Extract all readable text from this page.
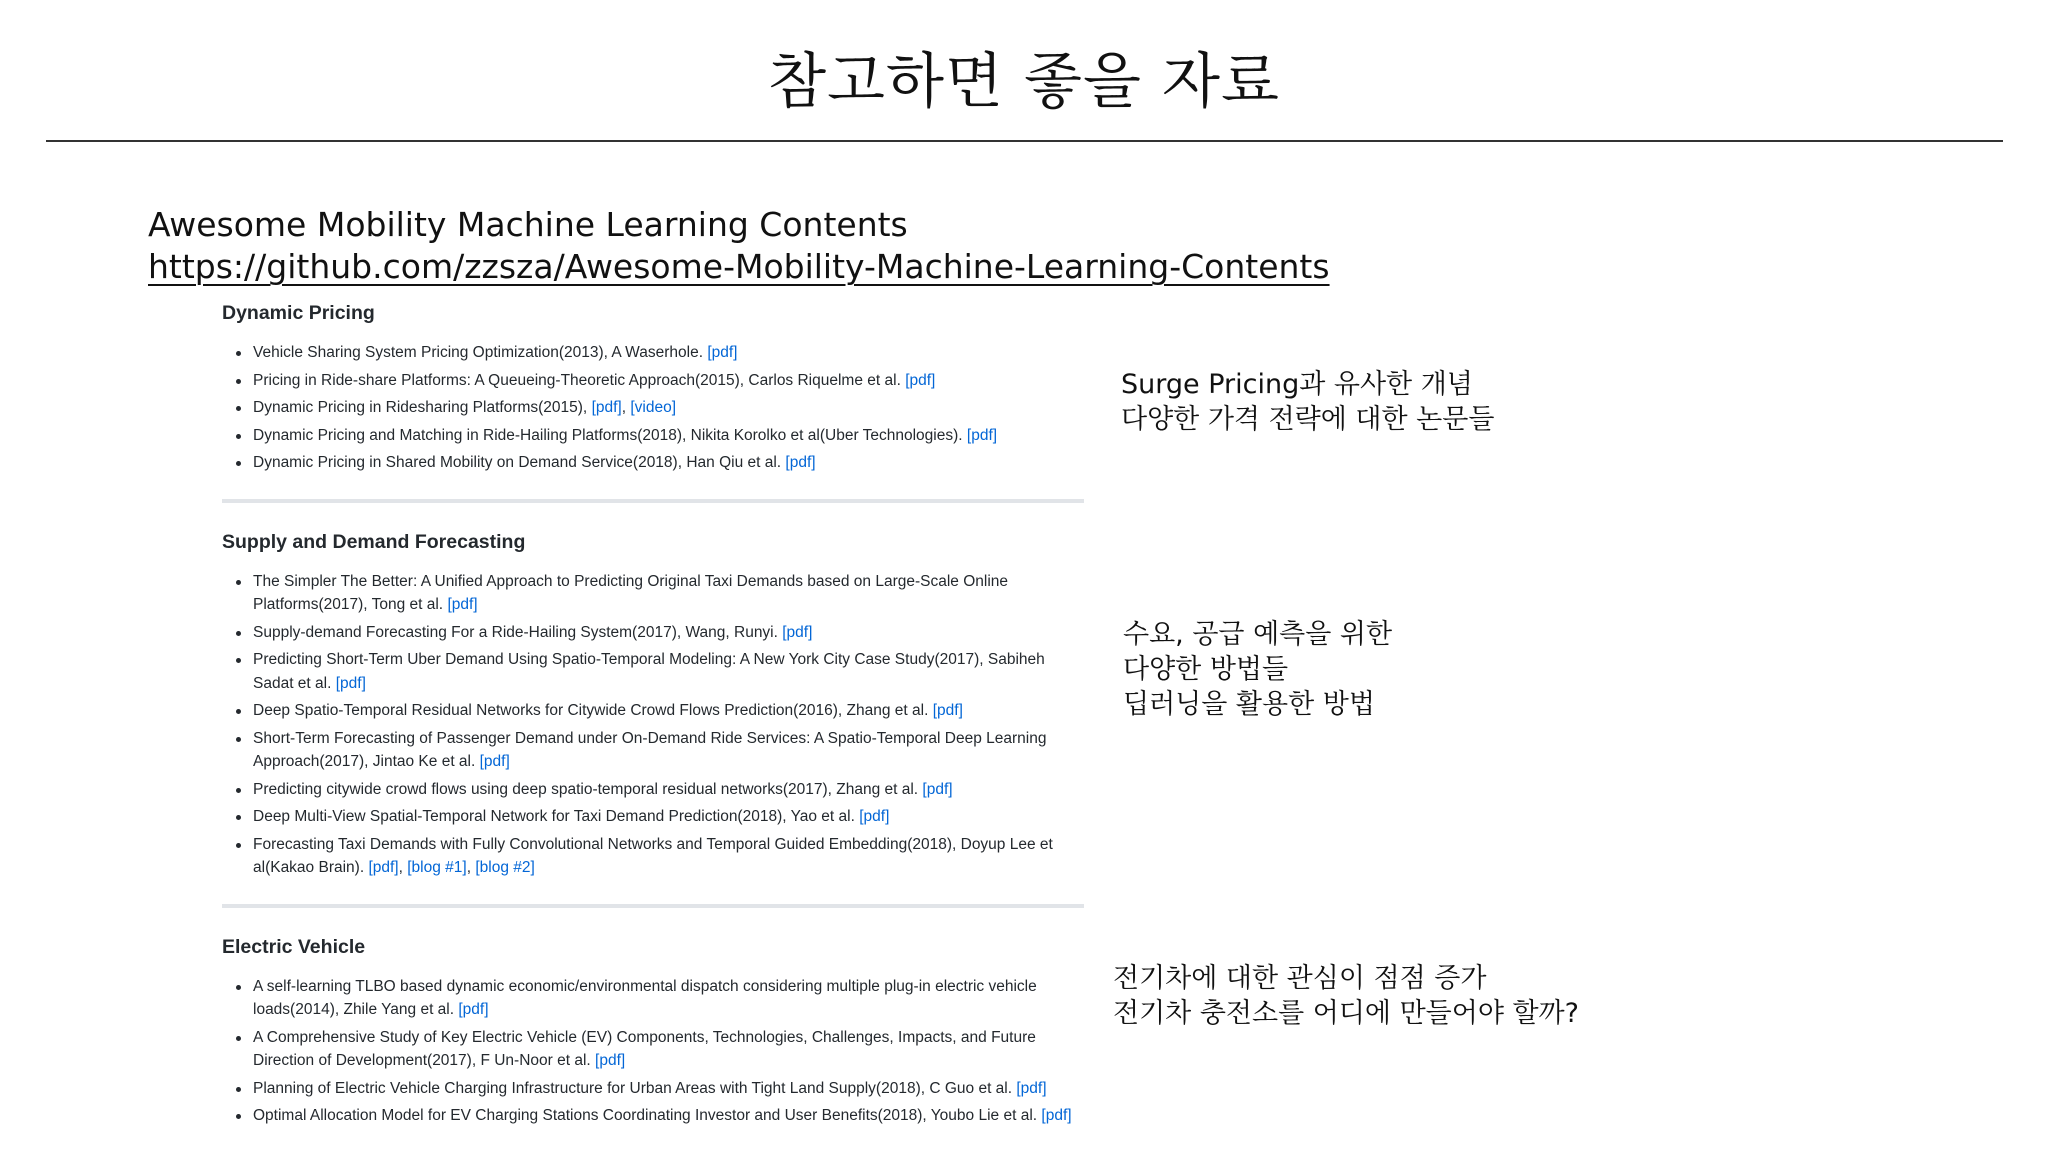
참고하면 좋을 자료
Awesome Mobility Machine Learning Contents
https://github.com/zzsza/Awesome-Mobility-Machine-Learning-Contents
Dynamic Pricing
Vehicle Sharing System Pricing Optimization(2013), A Waserhole. [pdf]
Pricing in Ride-share Platforms: A Queueing-Theoretic Approach(2015), Carlos Riquelme et al. [pdf]
Dynamic Pricing in Ridesharing Platforms(2015), [pdf], [video]
Dynamic Pricing and Matching in Ride-Hailing Platforms(2018), Nikita Korolko et al(Uber Technologies). [pdf]
Dynamic Pricing in Shared Mobility on Demand Service(2018), Han Qiu et al. [pdf]
Supply and Demand Forecasting
The Simpler The Better: A Unified Approach to Predicting Original Taxi Demands based on Large-Scale Online Platforms(2017), Tong et al. [pdf]
Supply-demand Forecasting For a Ride-Hailing System(2017), Wang, Runyi. [pdf]
Predicting Short-Term Uber Demand Using Spatio-Temporal Modeling: A New York City Case Study(2017), Sabiheh Sadat et al. [pdf]
Deep Spatio-Temporal Residual Networks for Citywide Crowd Flows Prediction(2016), Zhang et al. [pdf]
Short-Term Forecasting of Passenger Demand under On-Demand Ride Services: A Spatio-Temporal Deep Learning Approach(2017), Jintao Ke et al. [pdf]
Predicting citywide crowd flows using deep spatio-temporal residual networks(2017), Zhang et al. [pdf]
Deep Multi-View Spatial-Temporal Network for Taxi Demand Prediction(2018), Yao et al. [pdf]
Forecasting Taxi Demands with Fully Convolutional Networks and Temporal Guided Embedding(2018), Doyup Lee et al(Kakao Brain). [pdf], [blog #1], [blog #2]
Electric Vehicle
A self-learning TLBO based dynamic economic/environmental dispatch considering multiple plug-in electric vehicle loads(2014), Zhile Yang et al. [pdf]
A Comprehensive Study of Key Electric Vehicle (EV) Components, Technologies, Challenges, Impacts, and Future Direction of Development(2017), F Un-Noor et al. [pdf]
Planning of Electric Vehicle Charging Infrastructure for Urban Areas with Tight Land Supply(2018), C Guo et al. [pdf]
Optimal Allocation Model for EV Charging Stations Coordinating Investor and User Benefits(2018), Youbo Lie et al. [pdf]
Surge Pricing과 유사한 개념
다양한 가격 전략에 대한 논문들
수요, 공급 예측을 위한
다양한 방법들
딥러닝을 활용한 방법
전기차에 대한 관심이 점점 증가
전기차 충전소를 어디에 만들어야 할까?
